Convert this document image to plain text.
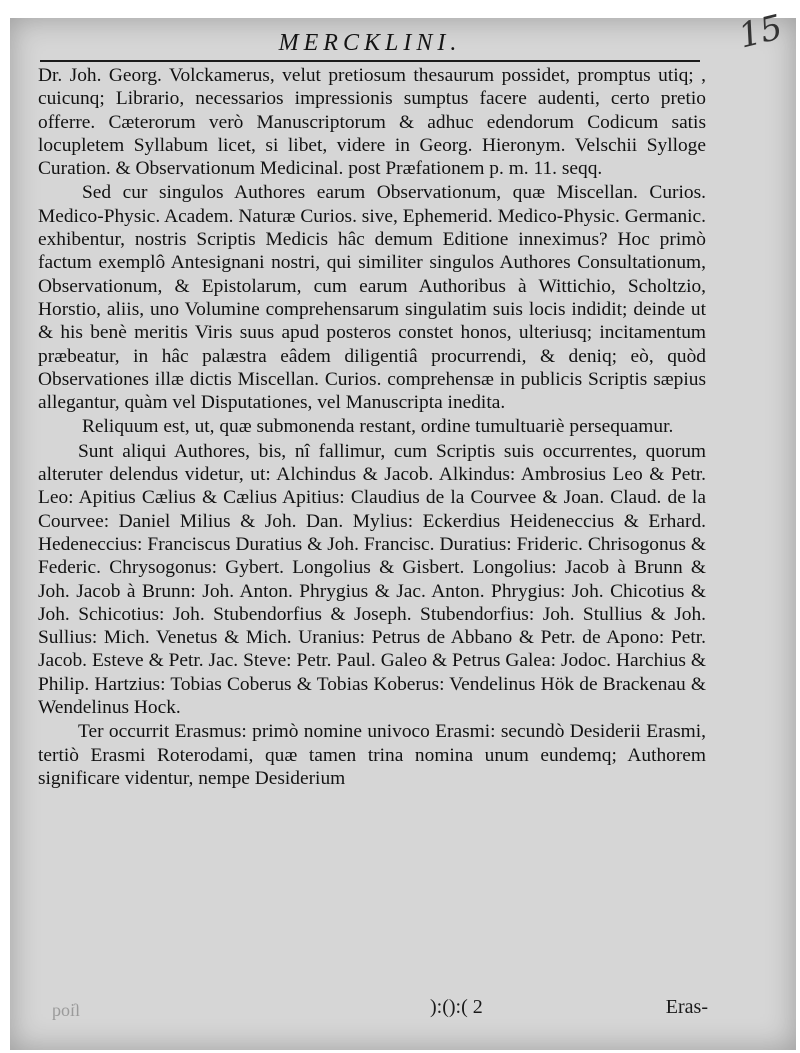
15
MERCKLINI.

Dr. Joh. Georg. Volckamerus, velut pretiosum thesaurum possidet, promptus utiq; , cuicunq; Librario, necessarios impressionis sumptus facere audenti, certo pretio offerre. Cæterorum verò Manuscriptorum & adhuc edendorum Codicum satis locupletem Syllabum licet, si libet, videre in Georg. Hieronym. Velschii Sylloge Curation. & Observationum Medicinal. post Præfationem p. m. 11. seqq.

Sed cur singulos Authores earum Observationum, quæ Miscellan. Curios. Medico-Physic. Academ. Naturæ Curios. sive, Ephemerid. Medico-Physic. Germanic. exhibentur, nostris Scriptis Medicis hâc demum Editione inneximus? Hoc primò factum exemplô Antesignani nostri, qui similiter singulos Authores Consultationum, Observationum, & Epistolarum, cum earum Authoribus à Wittichio, Scholtzio, Horstio, aliis, uno Volumine comprehensarum singulatim suis locis indidit; deinde ut & his benè meritis Viris suus apud posteros constet honos, ulteriusq; incitamentum præbeatur, in hâc palæstra eâdem diligentiâ procurrendi, & deniq; eò, quòd Observationes illæ dictis Miscellan. Curios. comprehensæ in publicis Scriptis sæpius allegantur, quàm vel Disputationes, vel Manuscripta inedita.

Reliquum est, ut, quæ submonenda restant, ordine tumultuariè persequamur.

Sunt aliqui Authores, bis, nî fallimur, cum Scriptis suis occurrentes, quorum alteruter delendus videtur, ut: Alchindus & Jacob. Alkindus: Ambrosius Leo & Petr. Leo: Apitius Cælius & Cælius Apitius: Claudius de la Courvee & Joan. Claud. de la Courvee: Daniel Milius & Joh. Dan. Mylius: Eckerdius Heideneccius & Erhard. Hedeneccius: Franciscus Duratius & Joh. Francisc. Duratius: Frideric. Chrisogonus & Federic. Chrysogonus: Gybert. Longolius & Gisbert. Longolius: Jacob à Brunn & Joh. Jacob à Brunn: Joh. Anton. Phrygius & Jac. Anton. Phrygius: Joh. Chicotius & Joh. Schicotius: Joh. Stubendorfius & Joseph. Stubendorfius: Joh. Stullius & Joh. Sullius: Mich. Venetus & Mich. Uranius: Petrus de Abbano & Petr. de Apono: Petr. Jacob. Esteve & Petr. Jac. Steve: Petr. Paul. Galeo & Petrus Galea: Jodoc. Harchius & Philip. Hartzius: Tobias Coberus & Tobias Koberus: Vendelinus Hök de Brackenau & Wendelinus Hock.

Ter occurrit Erasmus: primò nomine univoco Erasmi: secundò Desiderii Erasmi, tertiò Erasmi Roterodami, quæ tamen trina nomina unum eundemq; Authorem significare videntur, nempe Desiderium

ſioq	):():( 2	Eras-
